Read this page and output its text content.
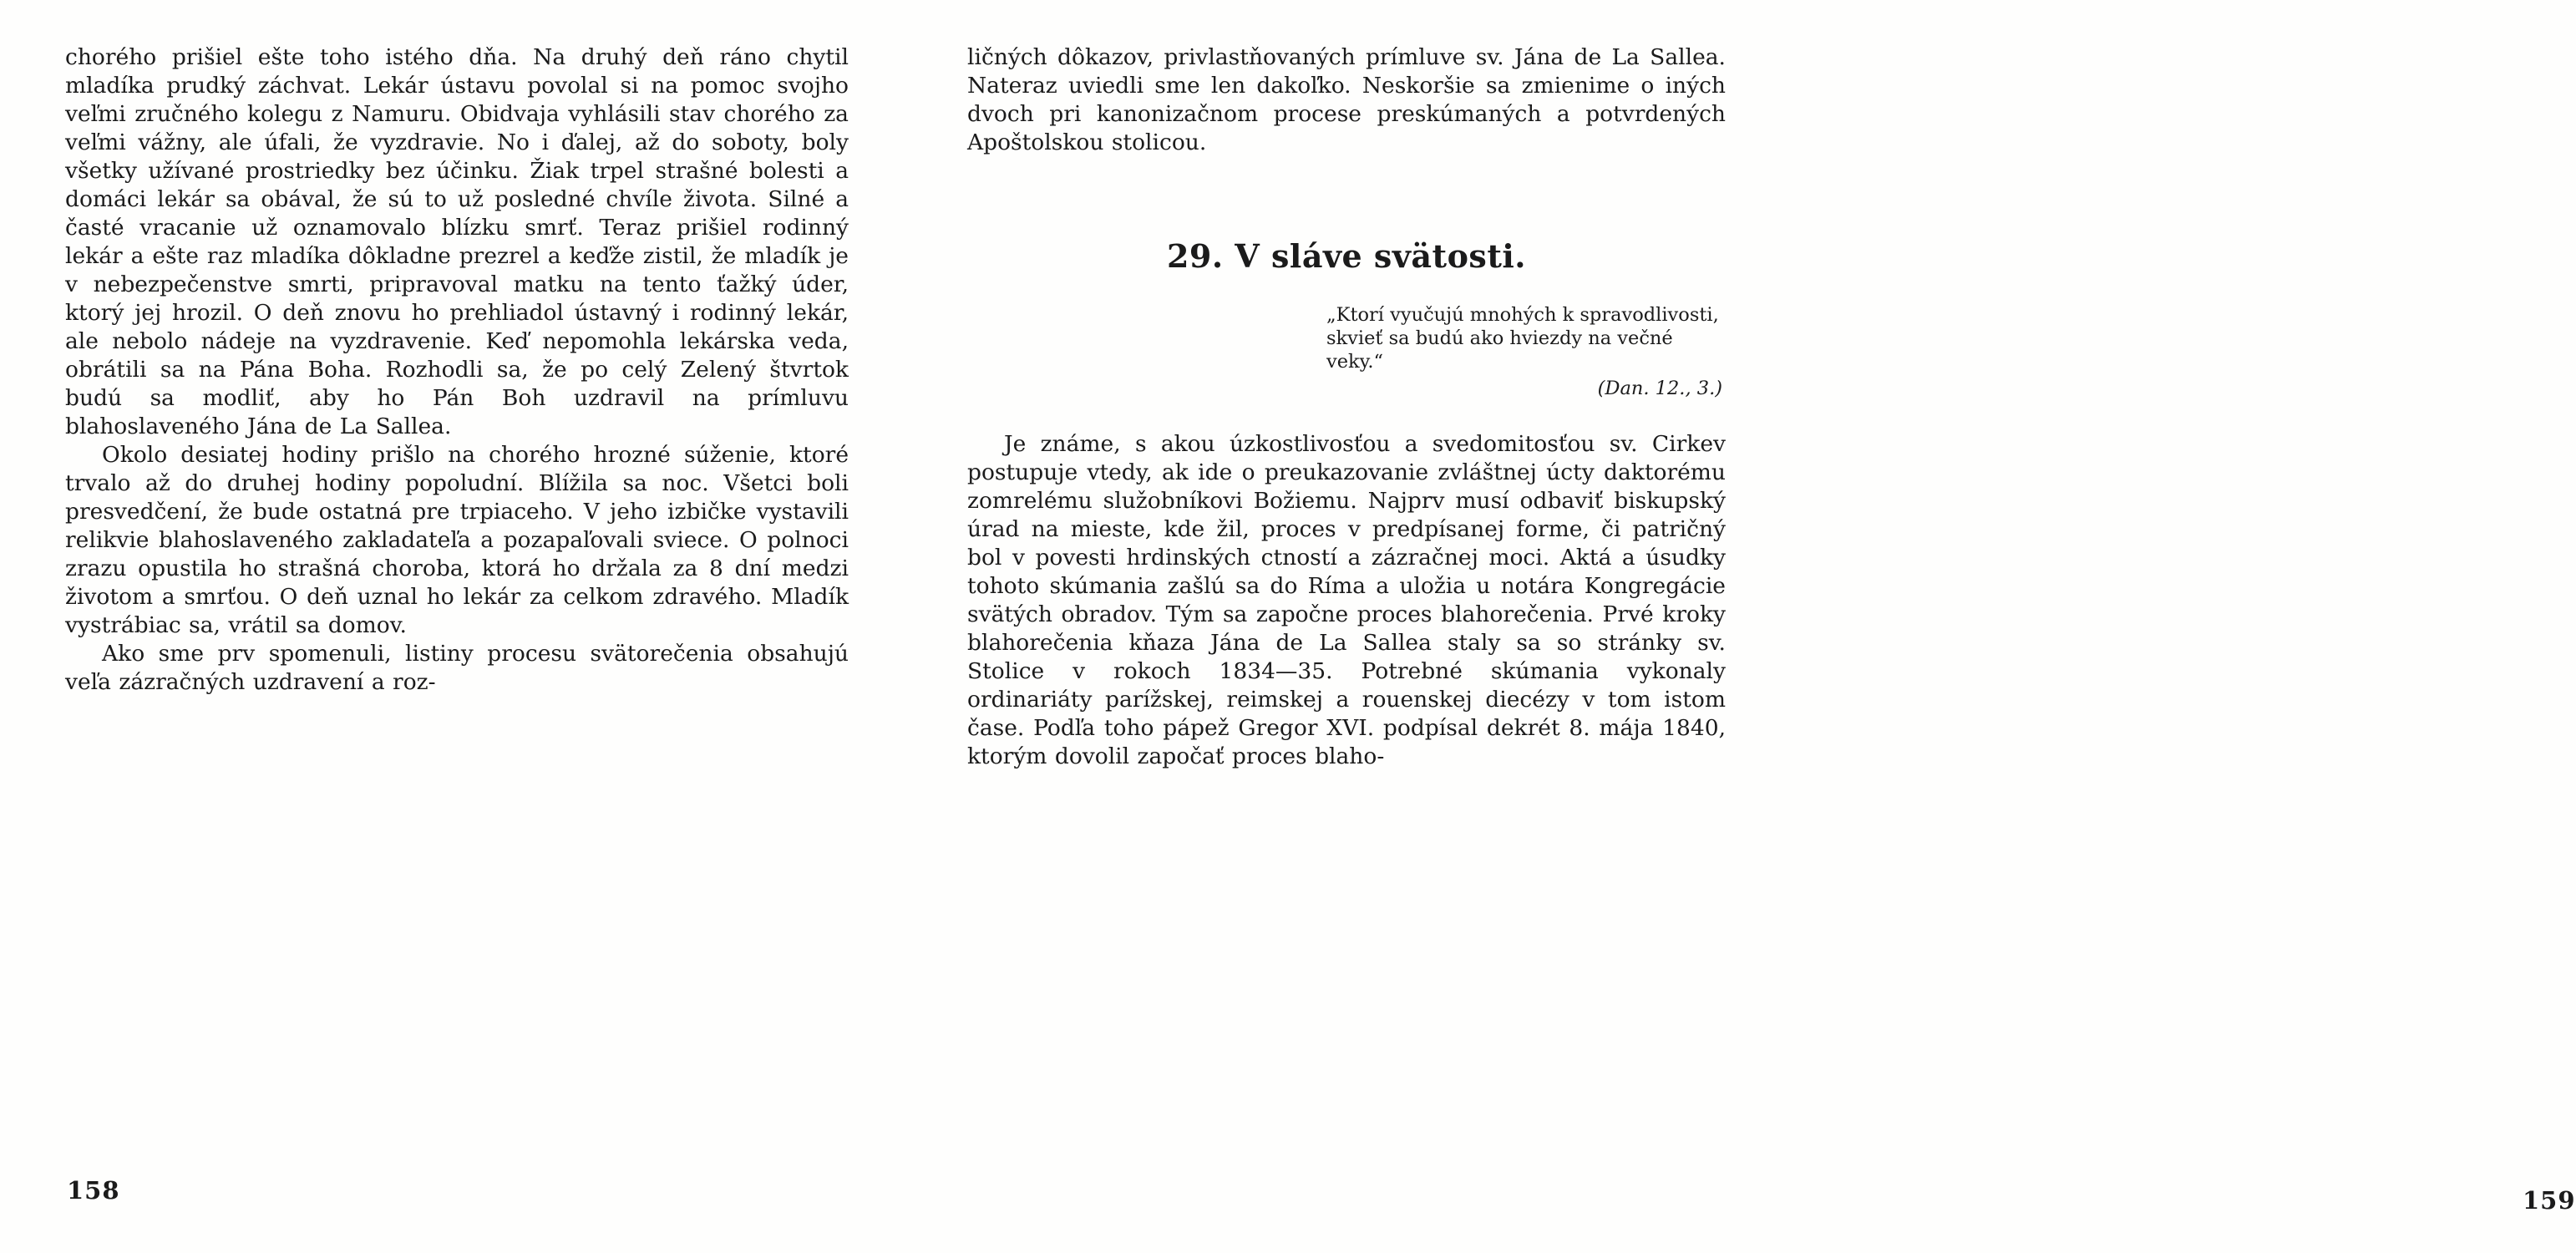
chorého prišiel ešte toho istého dňa. Na druhý deň ráno chytil mladíka prudký záchvat. Lekár ústavu povolal si na pomoc svojho veľmi zručného kolegu z Namuru. Obidvaja vyhlásili stav chorého za veľmi vážny, ale úfali, že vyzdravie. No i ďalej, až do soboty, boly všetky užívané prostriedky bez účinku. Žiak trpel strašné bolesti a domáci lekár sa obával, že sú to už posledné chvíle života. Silné a časté vracanie už oznamovalo blízku smrť. Teraz prišiel rodinný lekár a ešte raz mladíka dôkladne prezrel a keďže zistil, že mladík je v nebezpečenstve smrti, pripravoval matku na tento ťažký úder, ktorý jej hrozil. O deň znovu ho prehliadol ústavný i rodinný lekár, ale nebolo nádeje na vyzdravenie. Keď nepomohla lekárska veda, obrátili sa na Pána Boha. Rozhodli sa, že po celý Zelený štvrtok budú sa modliť, aby ho Pán Boh uzdravil na prímluvu blahoslaveného Jána de La Sallea.

Okolo desiatej hodiny prišlo na chorého hrozné súženie, ktoré trvalo až do druhej hodiny popoludní. Blížila sa noc. Všetci boli presvedčení, že bude ostatná pre trpiaceho. V jeho izbičke vystavili relikvie blahoslaveného zakladateľa a pozapaľovali sviece. O polnoci zrazu opustila ho strašná choroba, ktorá ho držala za 8 dní medzi životom a smrťou. O deň uznal ho lekár za celkom zdravého. Mladík vystrábiac sa, vrátil sa domov.

Ako sme prv spomenuli, listiny procesu svätorečenia obsahujú veľa zázračných uzdravení a roz-

158

ličných dôkazov, privlastňovaných prímluve sv. Jána de La Sallea. Nateraz uviedli sme len dakoľko. Neskoršie sa zmienime o iných dvoch pri kanonizačnom procese preskúmaných a potvrdených Apoštolskou stolicou.

29. V sláve svätosti.
„Ktorí vyučujú mnohých k spravodlivosti, skvieť sa budú ako hviezdy na večné veky.“
(Dan. 12., 3.)

Je známe, s akou úzkostlivosťou a svedomitosťou sv. Cirkev postupuje vtedy, ak ide o preukazovanie zvláštnej úcty daktorému zomrelému služobníkovi Božiemu. Najprv musí odbaviť biskupský úrad na mieste, kde žil, proces v predpísanej forme, či patričný bol v povesti hrdinských ctností a zázračnej moci. Aktá a úsudky tohoto skúmania zašlú sa do Ríma a uložia u notára Kongregácie svätých obradov. Tým sa započne proces blahorečenia. Prvé kroky blahorečenia kňaza Jána de La Sallea staly sa so stránky sv. Stolice v rokoch 1834—35. Potrebné skúmania vykonaly ordinariáty parížskej, reimskej a rouenskej diecézy v tom istom čase. Podľa toho pápež Gregor XVI. podpísal dekrét 8. mája 1840, ktorým dovolil započať proces blaho-

159
